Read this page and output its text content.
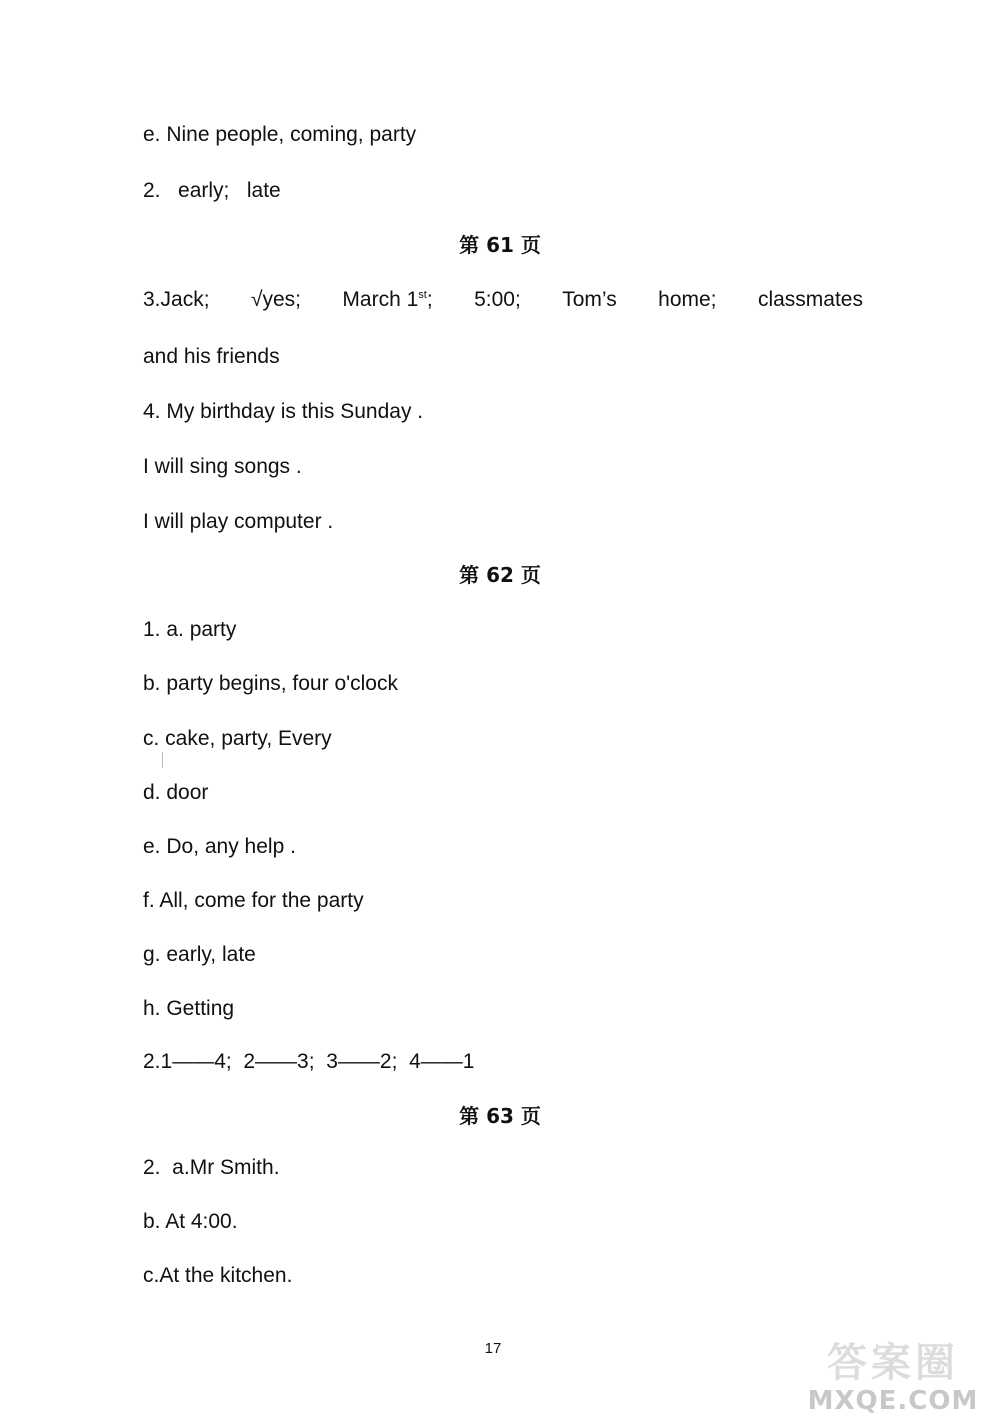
e. Nine people, coming, party
2.   early;   late
第 61 页
3.Jack; √yes; March 1st; 5:00; Tom’s home; classmates
and his friends
4. My birthday is this Sunday .
I will sing songs .
I will play computer .
第 62 页
1. a. party
b. party begins, four o'clock
c. cake, party, Every
d. door
e. Do, any help .
f. All, come for the party
g. early, late
h. Getting
2.1——4;  2——3;  3——2;  4——1
第 63 页
2.  a.Mr Smith.
b. At 4:00.
c.At the kitchen.
17	答案圈
MXQE.COM
